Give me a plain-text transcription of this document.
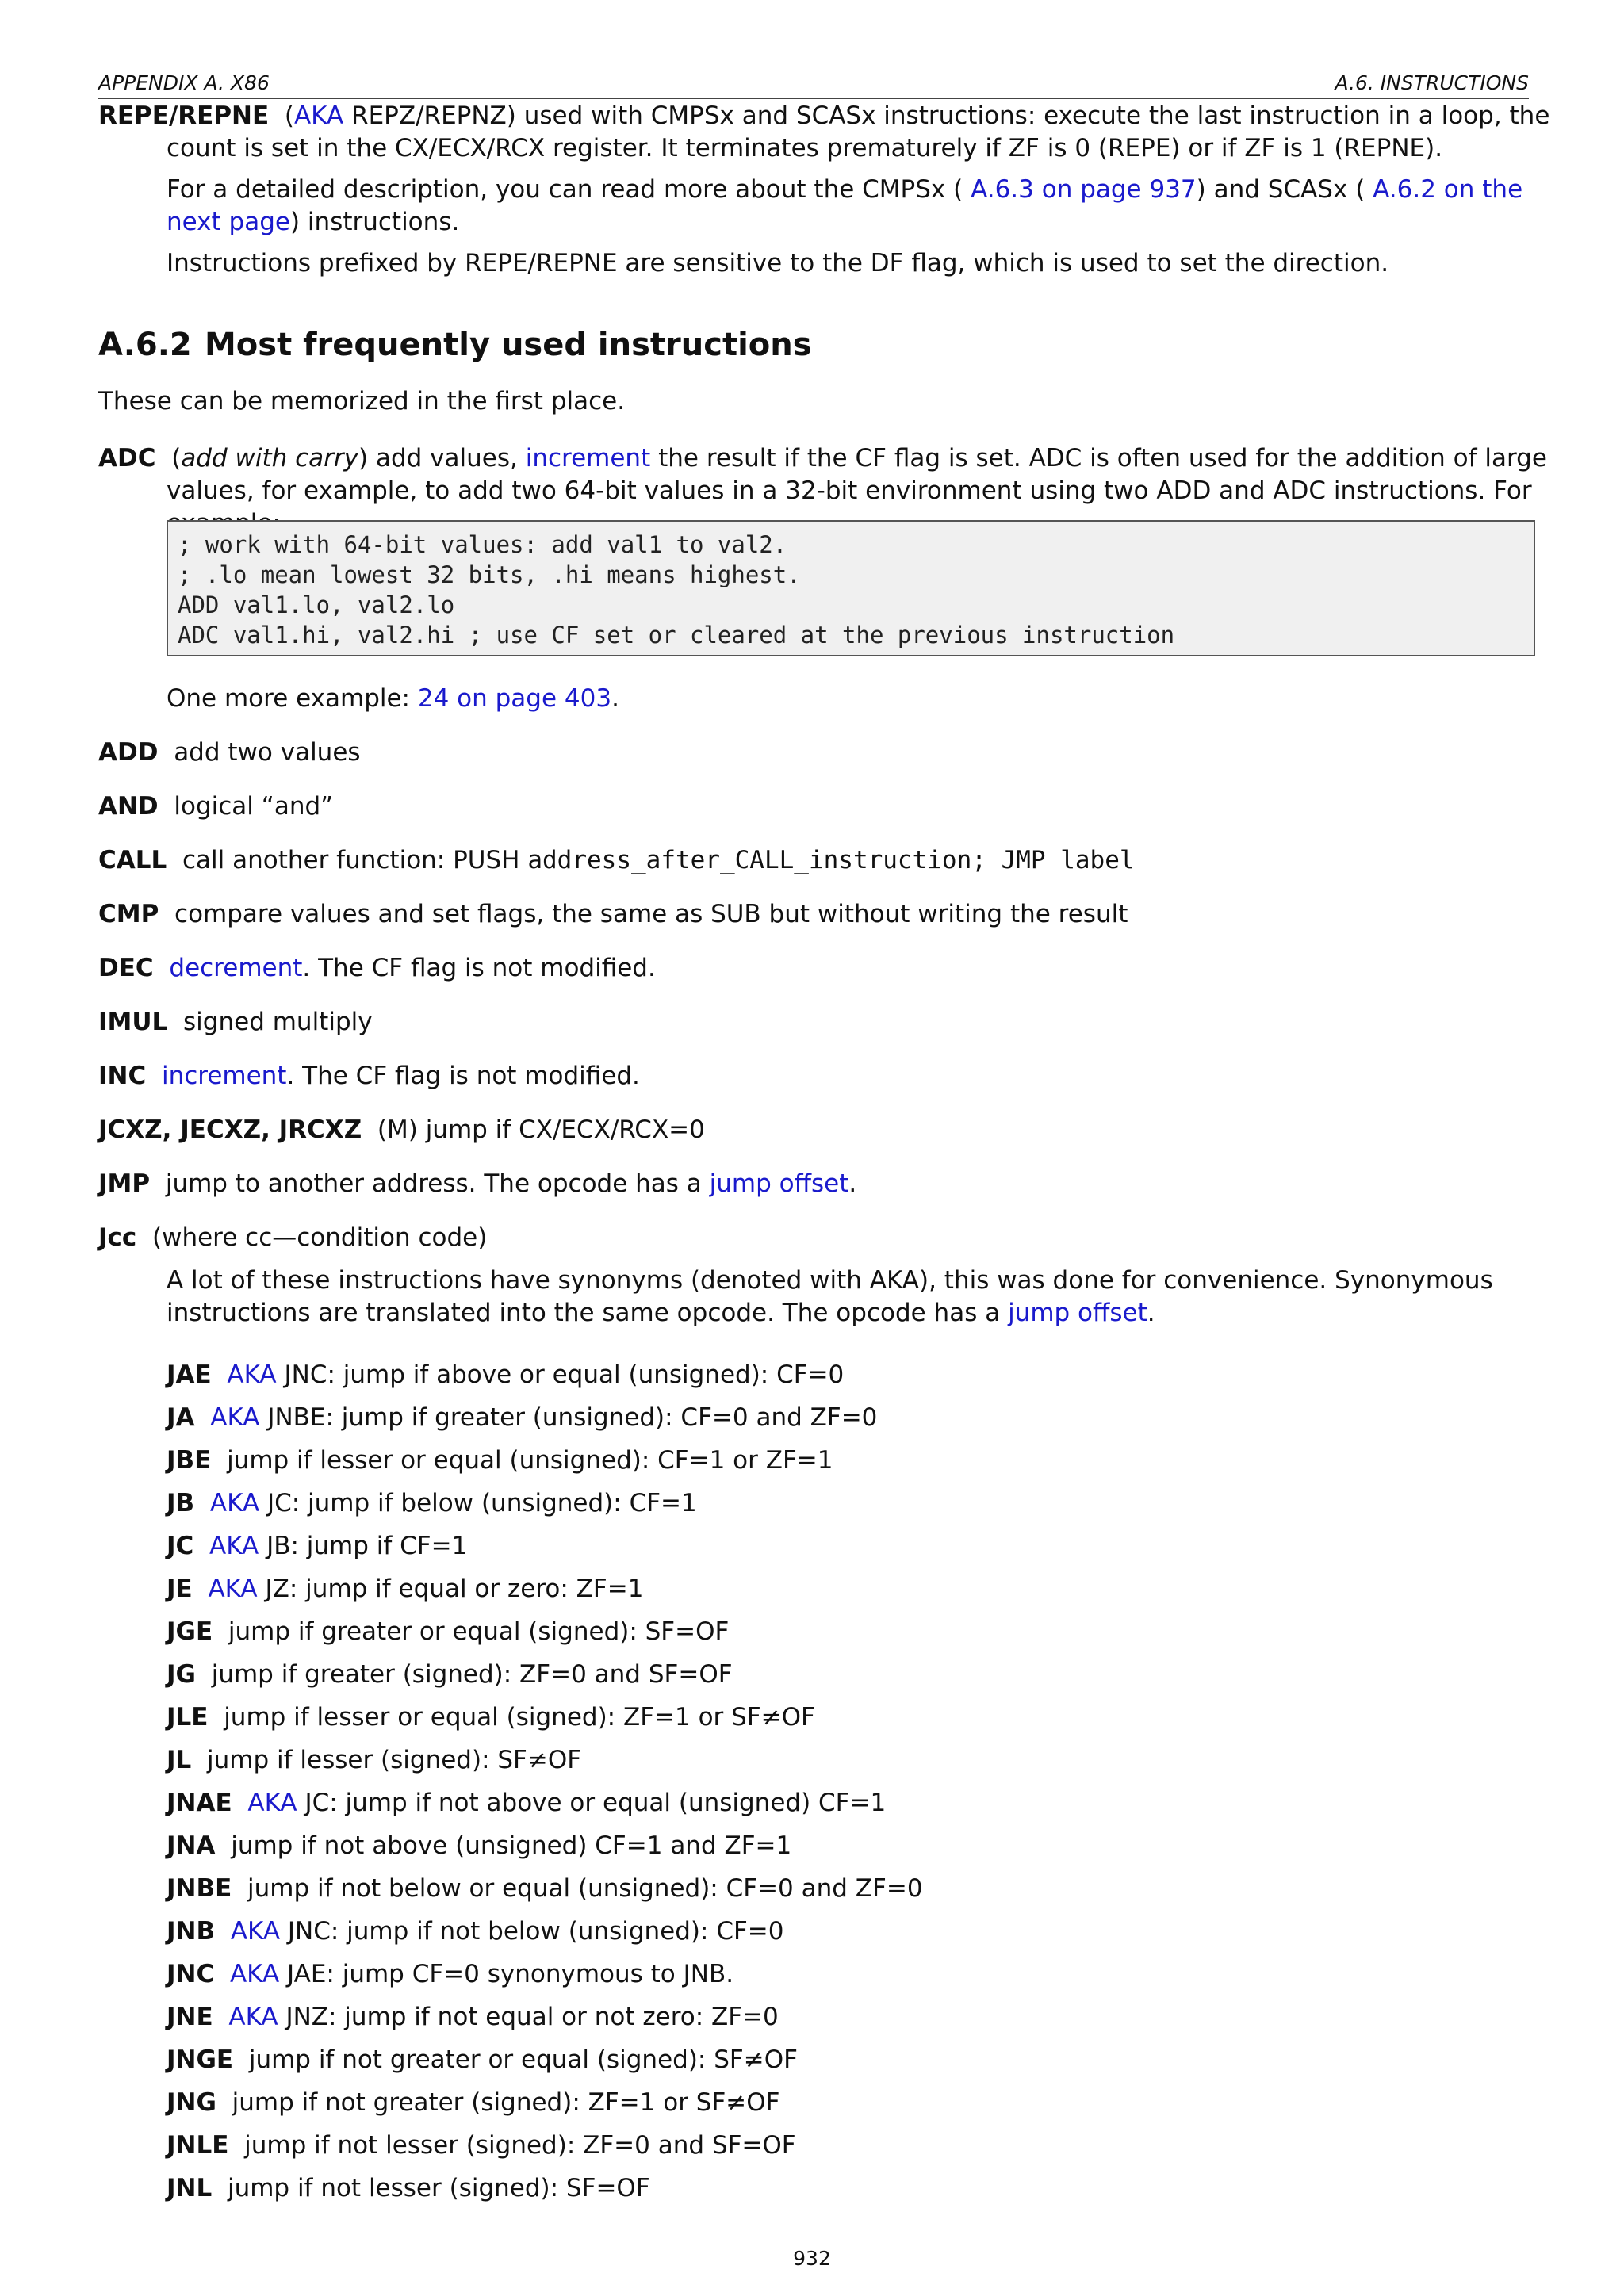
APPENDIX A. X86	A.6. INSTRUCTIONS
REPE/REPNE  (AKA REPZ/REPNZ) used with CMPSx and SCASx instructions: execute the last instruction in a loop, the count is set in the CX/ECX/RCX register. It terminates prematurely if ZF is 0 (REPE) or if ZF is 1 (REPNE).
For a detailed description, you can read more about the CMPSx ( A.6.3 on page 937) and SCASx ( A.6.2 on the next page) instructions.
Instructions prefixed by REPE/REPNE are sensitive to the DF flag, which is used to set the direction.
A.6.2 Most frequently used instructions
These can be memorized in the first place.
ADC  (add with carry) add values, increment the result if the CF flag is set. ADC is often used for the addition of large values, for example, to add two 64-bit values in a 32-bit environment using two ADD and ADC instructions. For
; work with 64-bit values: add val1 to val2.
; .lo mean lowest 32 bits, .hi means highest.
ADD val1.lo, val2.lo
ADC val1.hi, val2.hi ; use CF set or cleared at the previous instruction
One more example: 24 on page 403.
ADD add two values
AND logical “and”
CALL call another function: PUSH address_after_CALL_instruction; JMP label
CMP compare values and set flags, the same as SUB but without writing the result
DEC decrement. The CF flag is not modified.
IMUL signed multiply
INC increment. The CF flag is not modified.
JCXZ, JECXZ, JRCXZ (M) jump if CX/ECX/RCX=0
JMP jump to another address. The opcode has a jump offset.
Jcc (where cc—condition code)
A lot of these instructions have synonyms (denoted with AKA), this was done for convenience. Synonymous instructions are translated into the same opcode. The opcode has a jump offset.
JAE AKA JNC: jump if above or equal (unsigned): CF=0
JA AKA JNBE: jump if greater (unsigned): CF=0 and ZF=0
JBE jump if lesser or equal (unsigned): CF=1 or ZF=1
JB AKA JC: jump if below (unsigned): CF=1
JC AKA JB: jump if CF=1
JE AKA JZ: jump if equal or zero: ZF=1
JGE jump if greater or equal (signed): SF=OF
JG jump if greater (signed): ZF=0 and SF=OF
JLE jump if lesser or equal (signed): ZF=1 or SF≠OF
JL jump if lesser (signed): SF≠OF
JNAE AKA JC: jump if not above or equal (unsigned) CF=1
JNA jump if not above (unsigned) CF=1 and ZF=1
JNBE jump if not below or equal (unsigned): CF=0 and ZF=0
JNB AKA JNC: jump if not below (unsigned): CF=0
JNC AKA JAE: jump CF=0 synonymous to JNB.
JNE AKA JNZ: jump if not equal or not zero: ZF=0
JNGE jump if not greater or equal (signed): SF≠OF
JNG jump if not greater (signed): ZF=1 or SF≠OF
JNLE jump if not lesser (signed): ZF=0 and SF=OF
JNL jump if not lesser (signed): SF=OF
932
